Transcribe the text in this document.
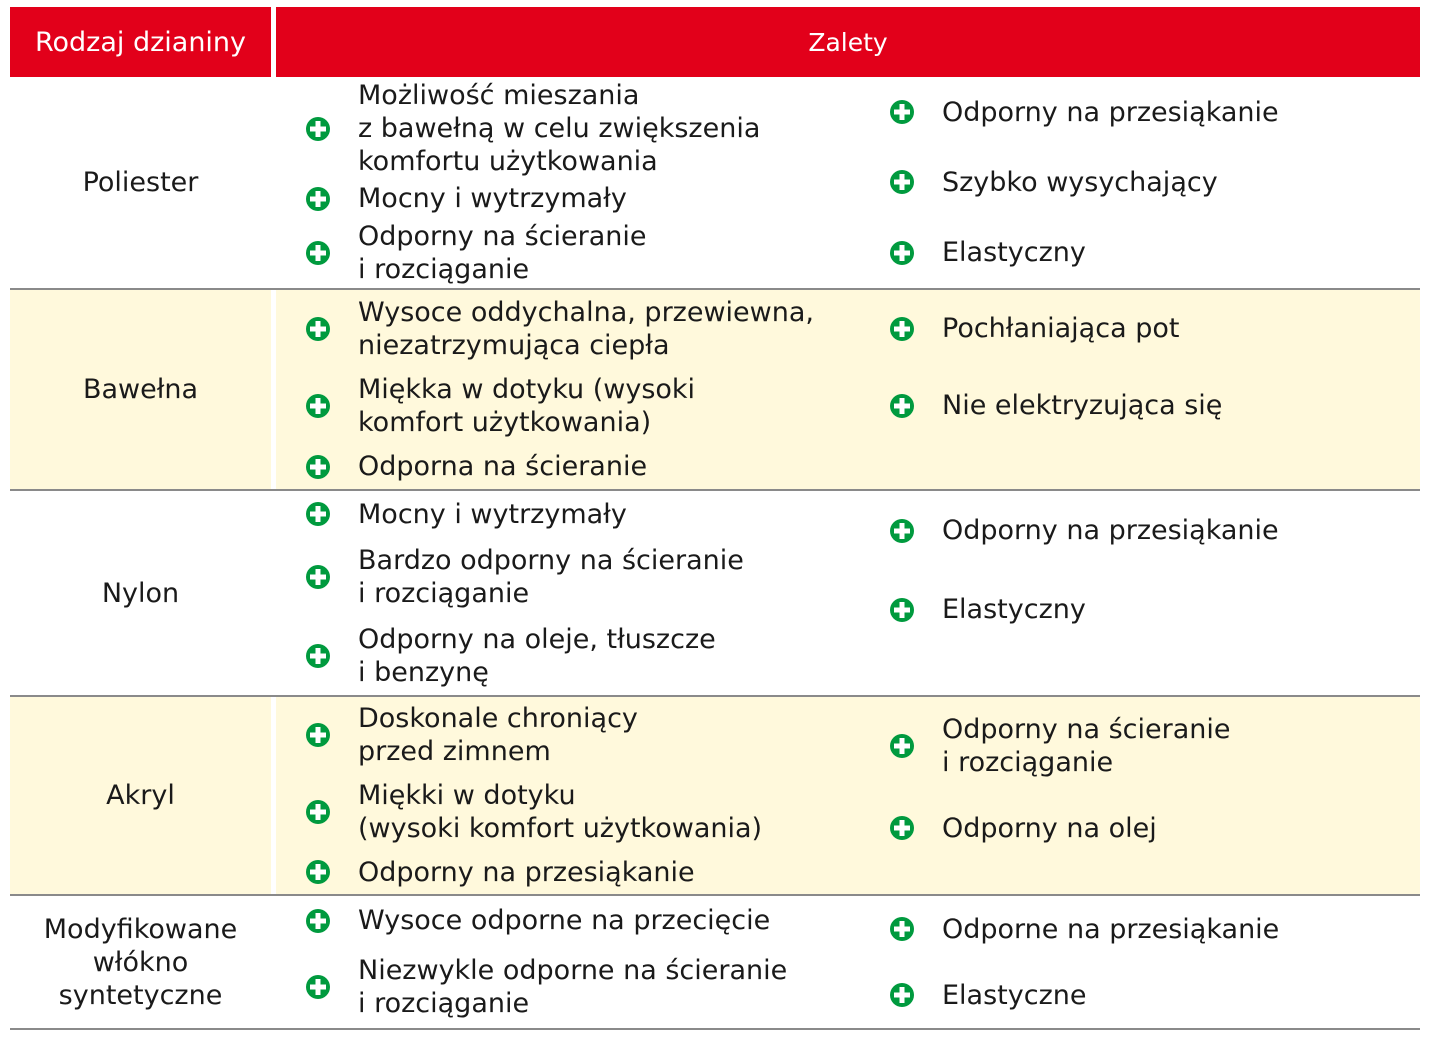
Rodzaj dzianiny	Zalety
Poliester
Możliwość mieszania
z bawełną w celu zwiększenia
komfortu użytkowania
Mocny i wytrzymały
Odporny na ścieranie
i rozciąganie
Odporny na przesiąkanie
Szybko wysychający
Elastyczny
Bawełna
Wysoce oddychalna, przewiewna,
niezatrzymująca ciepła
Miękka w dotyku (wysoki
komfort użytkowania)
Odporna na ścieranie
Pochłaniająca pot
Nie elektryzująca się
Nylon
Mocny i wytrzymały
Bardzo odporny na ścieranie
i rozciąganie
Odporny na oleje, tłuszcze
i benzynę
Odporny na przesiąkanie
Elastyczny
Akryl
Doskonale chroniący
przed zimnem
Miękki w dotyku
(wysoki komfort użytkowania)
Odporny na przesiąkanie
Odporny na ścieranie
i rozciąganie
Odporny na olej
Modyfikowane
włókno
syntetyczne
Wysoce odporne na przecięcie
Niezwykle odporne na ścieranie
i rozciąganie
Odporne na przesiąkanie
Elastyczne
